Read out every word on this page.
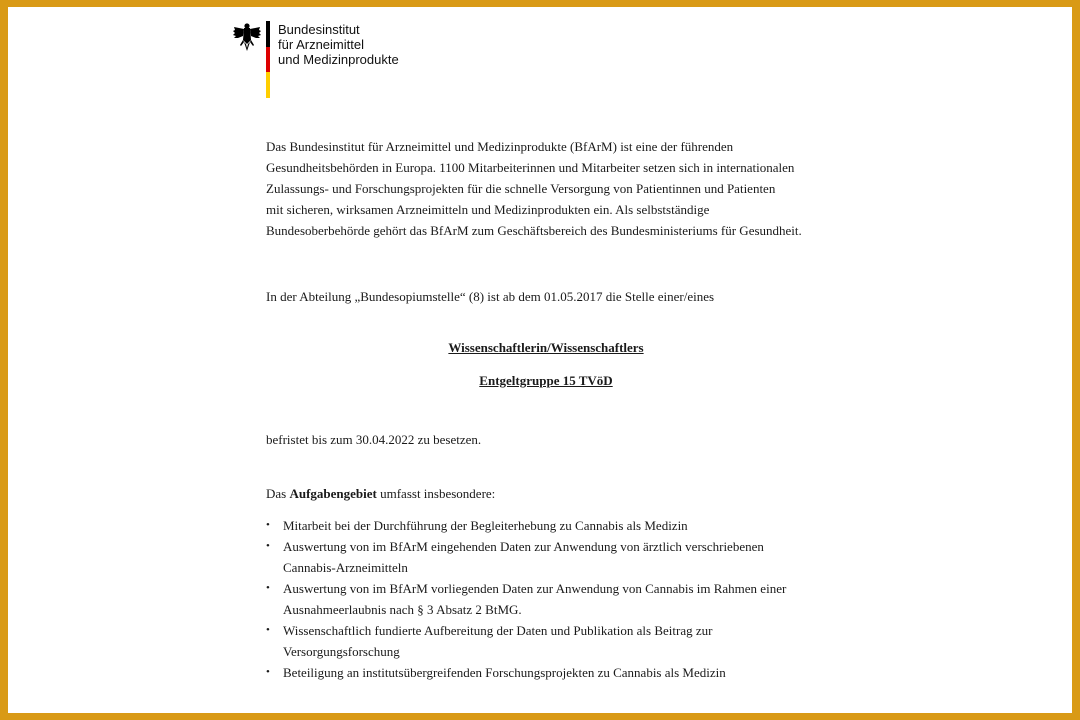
Bundesinstitut
für Arzneimittel
und Medizinprodukte
Das Bundesinstitut für Arzneimittel und Medizinprodukte (BfArM) ist eine der führenden
Gesundheitsbehörden in Europa. 1100 Mitarbeiterinnen und Mitarbeiter setzen sich in internationalen
Zulassungs- und Forschungsprojekten für die schnelle Versorgung von Patientinnen und Patienten
mit sicheren, wirksamen Arzneimitteln und Medizinprodukten ein. Als selbstständige
Bundesoberbehörde gehört das BfArM zum Geschäftsbereich des Bundesministeriums für Gesundheit.
In der Abteilung „Bundesopiumstelle“ (8) ist ab dem 01.05.2017 die Stelle einer/eines
Wissenschaftlerin/Wissenschaftlers
Entgeltgruppe 15 TVöD
befristet bis zum 30.04.2022 zu besetzen.
Das Aufgabengebiet umfasst insbesondere:
•	Mitarbeit bei der Durchführung der Begleiterhebung zu Cannabis als Medizin
•	Auswertung von im BfArM eingehenden Daten zur Anwendung von ärztlich verschriebenen
Cannabis-Arzneimitteln
•	Auswertung von im BfArM vorliegenden Daten zur Anwendung von Cannabis im Rahmen einer
Ausnahmeerlaubnis nach § 3 Absatz 2 BtMG.
•	Wissenschaftlich fundierte Aufbereitung der Daten und Publikation als Beitrag zur
Versorgungsforschung
•	Beteiligung an institutsübergreifenden Forschungsprojekten zu Cannabis als Medizin
